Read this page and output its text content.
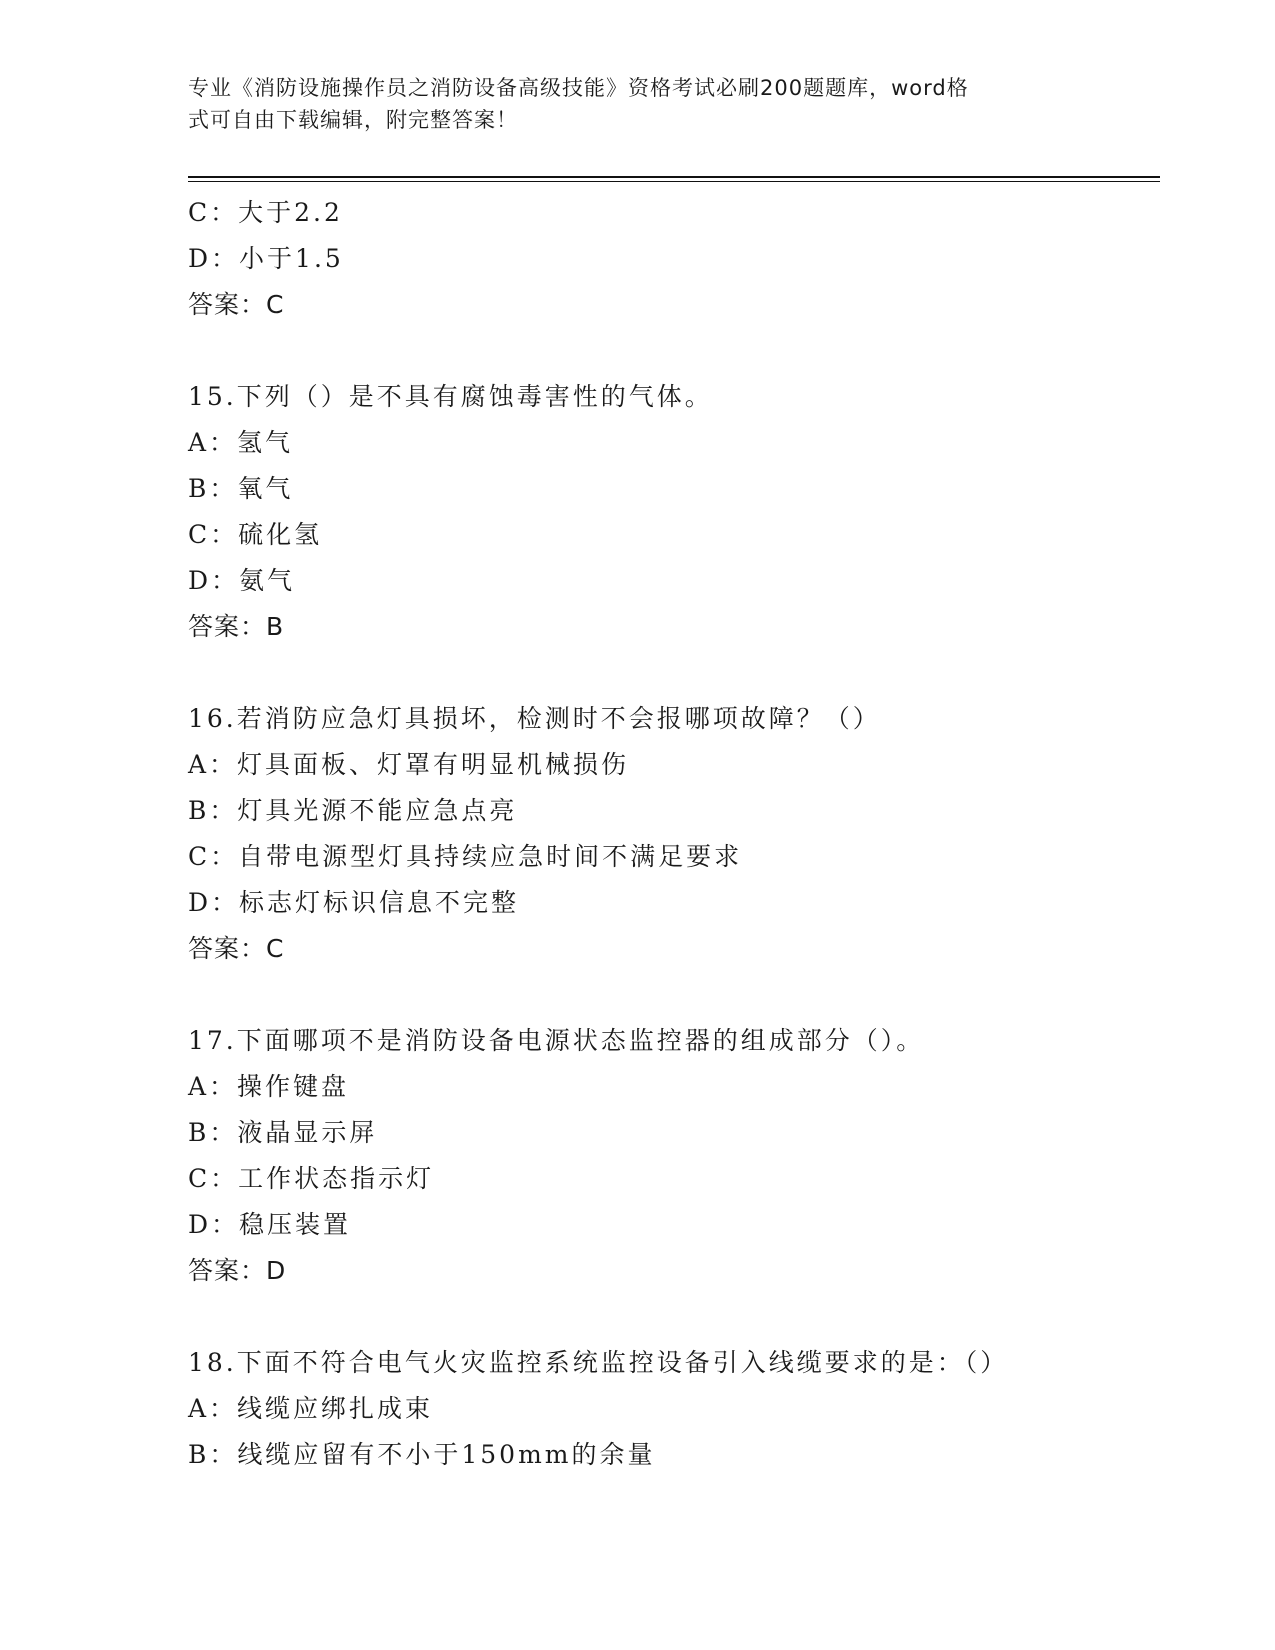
专业《消防设施操作员之消防设备高级技能》资格考试必刷200题题库，word格
式可自由下载编辑，附完整答案！
C：大于2.2
D：小于1.5
答案：C
15.下列（）是不具有腐蚀毒害性的气体。
A：氢气
B：氧气
C：硫化氢
D：氨气
答案：B
16.若消防应急灯具损坏，检测时不会报哪项故障？（）
A：灯具面板、灯罩有明显机械损伤
B：灯具光源不能应急点亮
C：自带电源型灯具持续应急时间不满足要求
D：标志灯标识信息不完整
答案：C
17.下面哪项不是消防设备电源状态监控器的组成部分（）。
A：操作键盘
B：液晶显示屏
C：工作状态指示灯
D：稳压装置
答案：D
18.下面不符合电气火灾监控系统监控设备引入线缆要求的是：（）
A：线缆应绑扎成束
B：线缆应留有不小于150mm的余量
